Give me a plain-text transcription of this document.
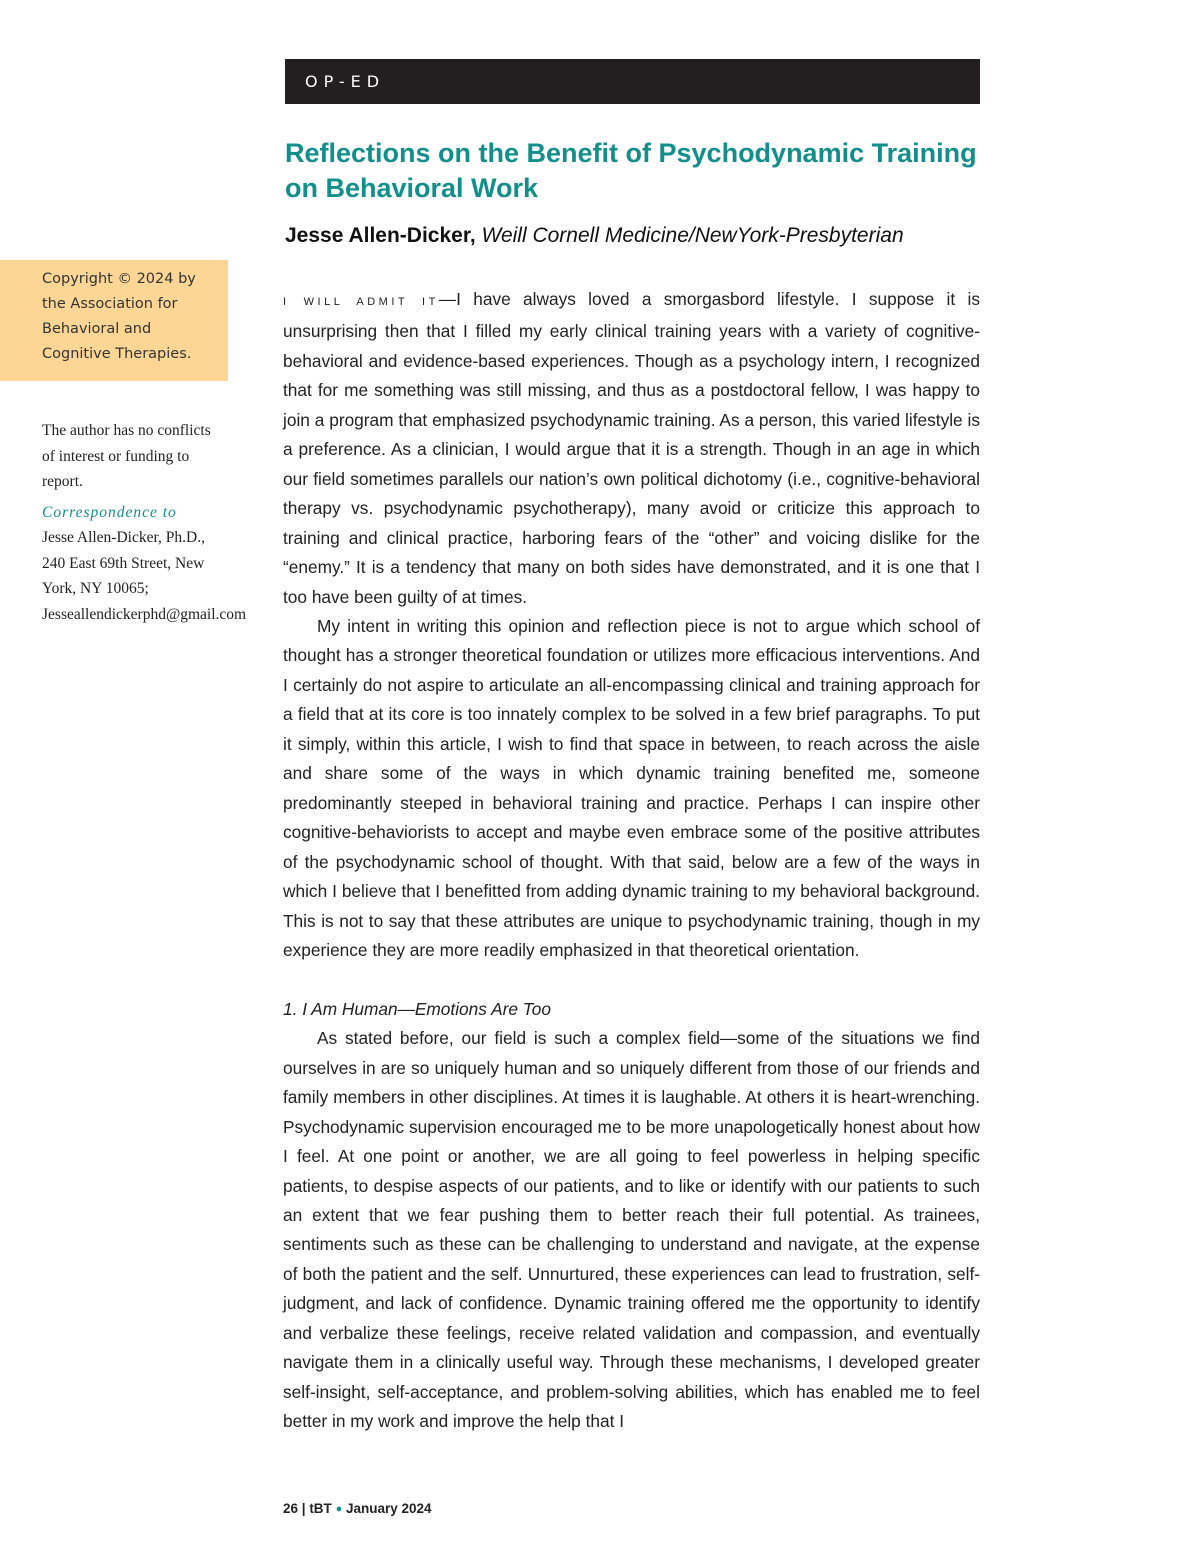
OP-ED
Reflections on the Benefit of Psychodynamic Training on Behavioral Work
Jesse Allen-Dicker, Weill Cornell Medicine/NewYork-Presbyterian
Copyright © 2024 by the Association for Behavioral and Cognitive Therapies.

The author has no conflicts of interest or funding to report.

Correspondence to

Jesse Allen-Dicker, Ph.D., 240 East 69th Street, New York, NY 10065; Jesseallendickerphd@gmail.com

I WILL ADMIT IT—I have always loved a smorgasbord lifestyle. I suppose it is unsurprising then that I filled my early clinical training years with a variety of cognitive-behavioral and evidence-based experiences. Though as a psychology intern, I recognized that for me something was still missing, and thus as a postdoctoral fellow, I was happy to join a program that emphasized psychodynamic training. As a person, this varied lifestyle is a preference. As a clinician, I would argue that it is a strength. Though in an age in which our field sometimes parallels our nation’s own political dichotomy (i.e., cognitive-behavioral therapy vs. psychodynamic psychotherapy), many avoid or criticize this approach to training and clinical practice, harboring fears of the “other” and voicing dislike for the “enemy.” It is a tendency that many on both sides have demonstrated, and it is one that I too have been guilty of at times.

My intent in writing this opinion and reflection piece is not to argue which school of thought has a stronger theoretical foundation or utilizes more efficacious interventions. And I certainly do not aspire to articulate an all-encompassing clinical and training approach for a field that at its core is too innately complex to be solved in a few brief paragraphs. To put it simply, within this article, I wish to find that space in between, to reach across the aisle and share some of the ways in which dynamic training benefited me, someone predominantly steeped in behavioral training and practice. Perhaps I can inspire other cognitive-behaviorists to accept and maybe even embrace some of the positive attributes of the psychodynamic school of thought. With that said, below are a few of the ways in which I believe that I benefitted from adding dynamic training to my behavioral background. This is not to say that these attributes are unique to psychodynamic training, though in my experience they are more readily emphasized in that theoretical orientation.

1. I Am Human—Emotions Are Too

As stated before, our field is such a complex field—some of the situations we find ourselves in are so uniquely human and so uniquely different from those of our friends and family members in other disciplines. At times it is laughable. At others it is heart-wrenching. Psychodynamic supervision encouraged me to be more unapologetically honest about how I feel. At one point or another, we are all going to feel powerless in helping specific patients, to despise aspects of our patients, and to like or identify with our patients to such an extent that we fear pushing them to better reach their full potential. As trainees, sentiments such as these can be challenging to understand and navigate, at the expense of both the patient and the self. Unnurtured, these experiences can lead to frustration, self-judgment, and lack of confidence. Dynamic training offered me the opportunity to identify and verbalize these feelings, receive related validation and compassion, and eventually navigate them in a clinically useful way. Through these mechanisms, I developed greater self-insight, self-acceptance, and problem-solving abilities, which has enabled me to feel better in my work and improve the help that I

26 | tBT ● January 2024
